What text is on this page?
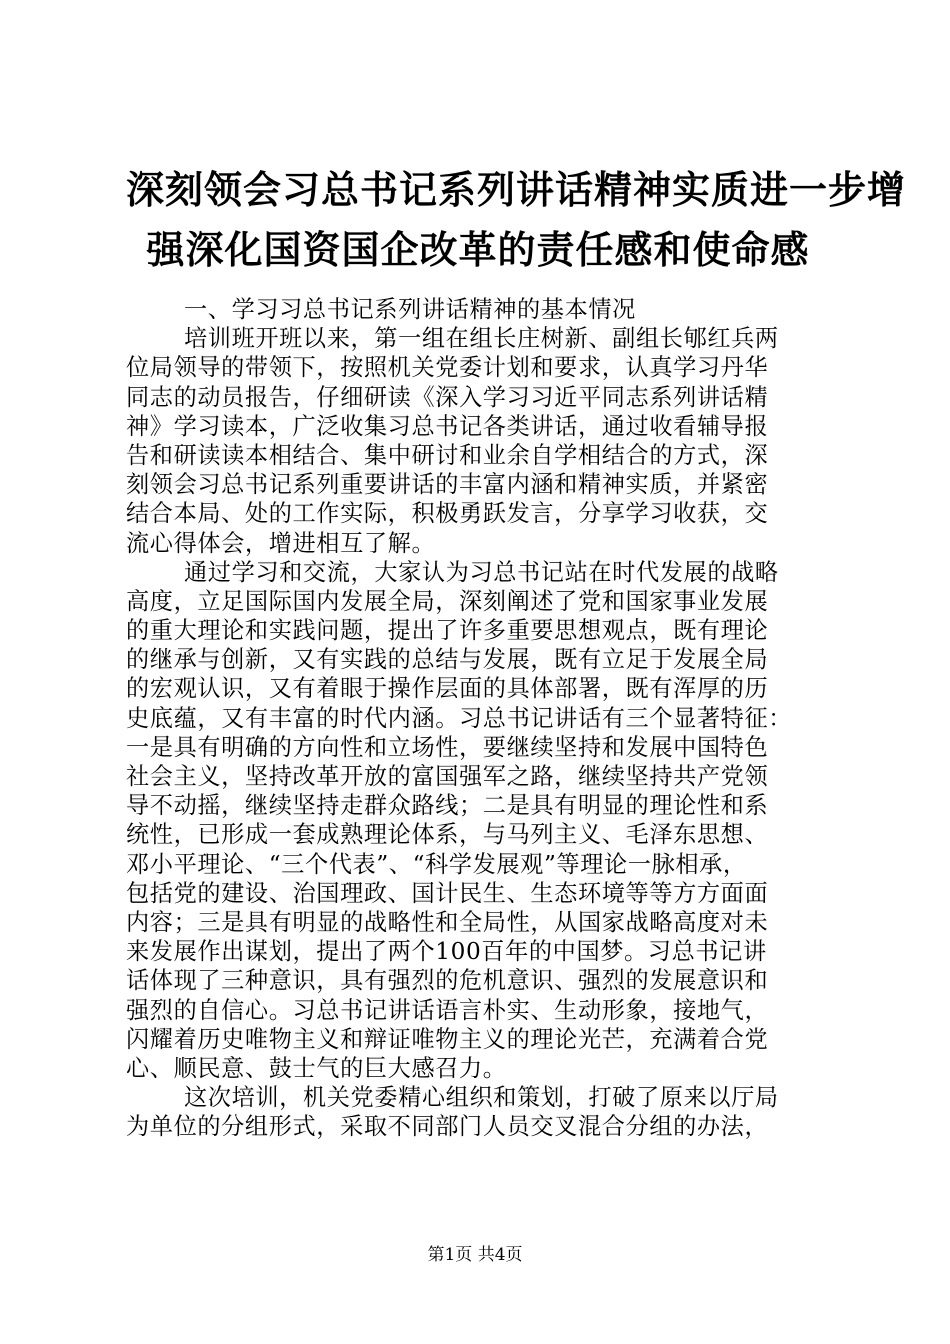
深刻领会习总书记系列讲话精神实质进一步增
强深化国资国企改革的责任感和使命感
一、学习习总书记系列讲话精神的基本情况
培训班开班以来，第一组在组长庄树新、副组长郇红兵两
位局领导的带领下，按照机关党委计划和要求，认真学习丹华
同志的动员报告，仔细研读《深入学习习近平同志系列讲话精
神》学习读本，广泛收集习总书记各类讲话，通过收看辅导报
告和研读读本相结合、集中研讨和业余自学相结合的方式，深
刻领会习总书记系列重要讲话的丰富内涵和精神实质，并紧密
结合本局、处的工作实际，积极勇跃发言，分享学习收获，交
流心得体会，增进相互了解。
通过学习和交流，大家认为习总书记站在时代发展的战略
高度，立足国际国内发展全局，深刻阐述了党和国家事业发展
的重大理论和实践问题，提出了许多重要思想观点，既有理论
的继承与创新，又有实践的总结与发展，既有立足于发展全局
的宏观认识，又有着眼于操作层面的具体部署，既有浑厚的历
史底蕴，又有丰富的时代内涵。习总书记讲话有三个显著特征：
一是具有明确的方向性和立场性，要继续坚持和发展中国特色
社会主义，坚持改革开放的富国强军之路，继续坚持共产党领
导不动摇，继续坚持走群众路线；二是具有明显的理论性和系
统性，已形成一套成熟理论体系，与马列主义、毛泽东思想、
邓小平理论、“三个代表”、“科学发展观”等理论一脉相承，
包括党的建设、治国理政、国计民生、生态环境等等方方面面
内容；三是具有明显的战略性和全局性，从国家战略高度对未
来发展作出谋划，提出了两个100百年的中国梦。习总书记讲
话体现了三种意识，具有强烈的危机意识、强烈的发展意识和
强烈的自信心。习总书记讲话语言朴实、生动形象，接地气，
闪耀着历史唯物主义和辩证唯物主义的理论光芒，充满着合党
心、顺民意、鼓士气的巨大感召力。
这次培训，机关党委精心组织和策划，打破了原来以厅局
为单位的分组形式，采取不同部门人员交叉混合分组的办法，
第1页 共4页
